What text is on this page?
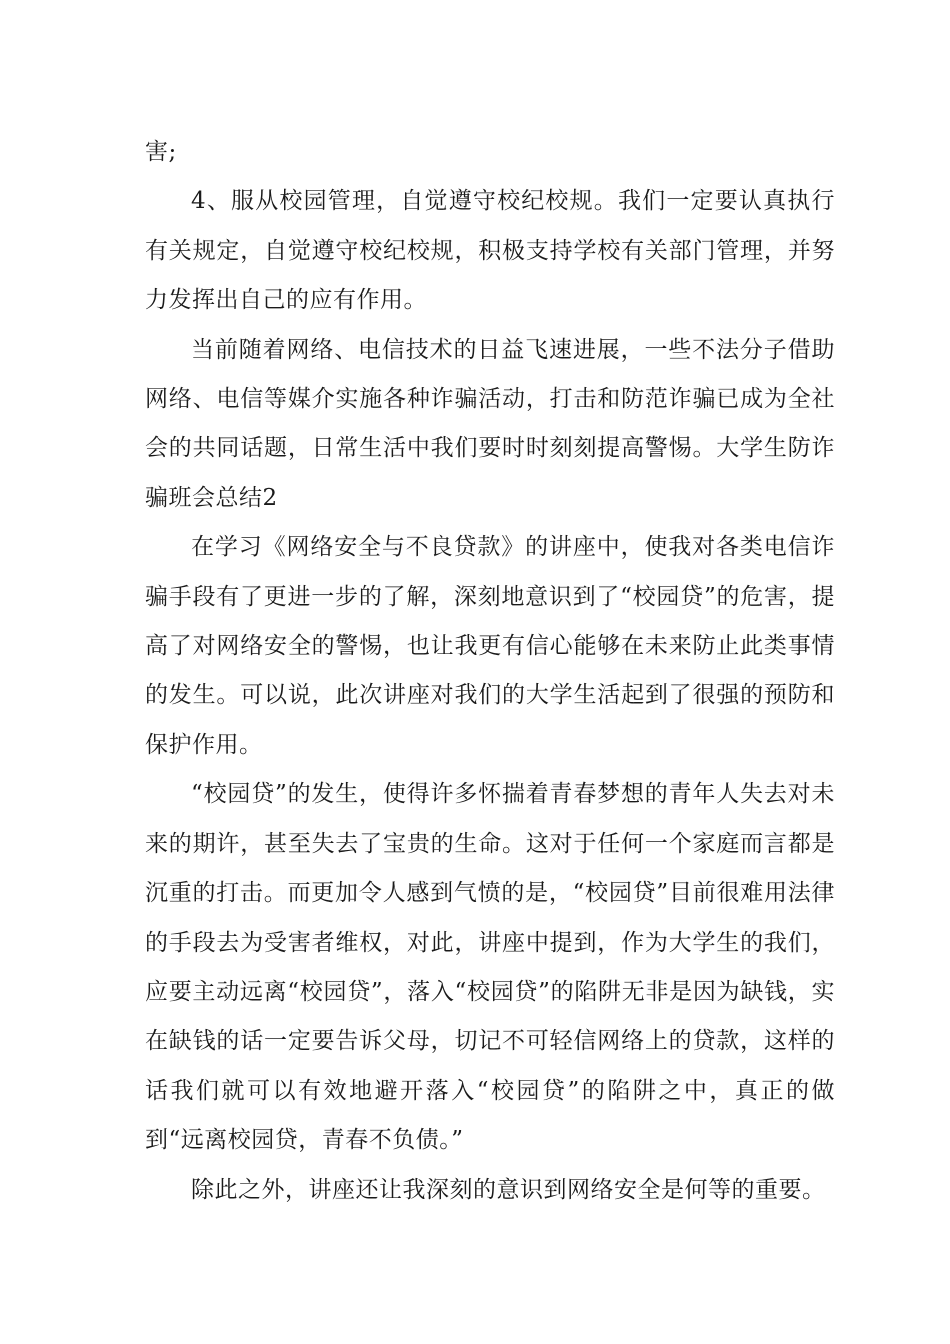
害;

4、服从校园管理，自觉遵守校纪校规。我们一定要认真执行有关规定，自觉遵守校纪校规，积极支持学校有关部门管理，并努力发挥出自己的应有作用。

当前随着网络、电信技术的日益飞速进展，一些不法分子借助网络、电信等媒介实施各种诈骗活动，打击和防范诈骗已成为全社会的共同话题，日常生活中我们要时时刻刻提高警惕。大学生防诈骗班会总结2

在学习《网络安全与不良贷款》的讲座中，使我对各类电信诈骗手段有了更进一步的了解，深刻地意识到了“校园贷”的危害，提高了对网络安全的警惕，也让我更有信心能够在未来防止此类事情的发生。可以说，此次讲座对我们的大学生活起到了很强的预防和保护作用。

“校园贷”的发生，使得许多怀揣着青春梦想的青年人失去对未来的期许，甚至失去了宝贵的生命。这对于任何一个家庭而言都是沉重的打击。而更加令人感到气愤的是，“校园贷”目前很难用法律的手段去为受害者维权，对此，讲座中提到，作为大学生的我们，应要主动远离“校园贷”，落入“校园贷”的陷阱无非是因为缺钱，实在缺钱的话一定要告诉父母，切记不可轻信网络上的贷款，这样的话我们就可以有效地避开落入“校园贷”的陷阱之中，真正的做到“远离校园贷，青春不负债。”

除此之外，讲座还让我深刻的意识到网络安全是何等的重要。
